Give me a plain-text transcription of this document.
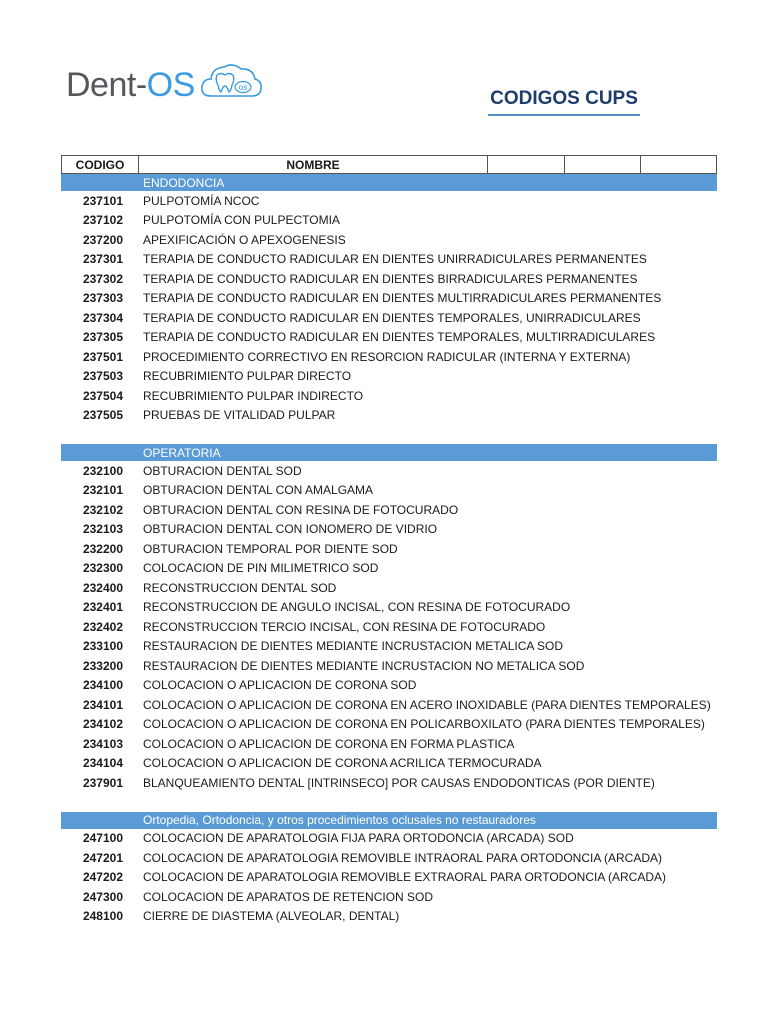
Dent-OS	os
CODIGOS CUPS
CODIGO	NOMBRE
ENDODONCIA
237101 PULPOTOMÍA NCOC
237102 PULPOTOMÍA CON PULPECTOMIA
237200 APEXIFICACIÓN O APEXOGENESIS
237301 TERAPIA DE CONDUCTO RADICULAR EN DIENTES UNIRRADICULARES PERMANENTES
237302 TERAPIA DE CONDUCTO RADICULAR EN DIENTES BIRRADICULARES PERMANENTES
237303 TERAPIA DE CONDUCTO RADICULAR EN DIENTES MULTIRRADICULARES PERMANENTES
237304 TERAPIA DE CONDUCTO RADICULAR EN DIENTES TEMPORALES, UNIRRADICULARES
237305 TERAPIA DE CONDUCTO RADICULAR EN DIENTES TEMPORALES, MULTIRRADICULARES
237501 PROCEDIMIENTO CORRECTIVO EN RESORCION RADICULAR (INTERNA Y EXTERNA)
237503 RECUBRIMIENTO PULPAR DIRECTO
237504 RECUBRIMIENTO PULPAR INDIRECTO
237505 PRUEBAS DE VITALIDAD PULPAR
OPERATORIA
232100 OBTURACION DENTAL SOD
232101 OBTURACION DENTAL CON AMALGAMA
232102 OBTURACION DENTAL CON RESINA DE FOTOCURADO
232103 OBTURACION DENTAL CON IONOMERO DE VIDRIO
232200 OBTURACION TEMPORAL POR DIENTE SOD
232300 COLOCACION DE PIN MILIMETRICO SOD
232400 RECONSTRUCCION DENTAL SOD
232401 RECONSTRUCCION DE ANGULO INCISAL, CON RESINA DE FOTOCURADO
232402 RECONSTRUCCION TERCIO INCISAL, CON RESINA DE FOTOCURADO
233100 RESTAURACION DE DIENTES MEDIANTE INCRUSTACION METALICA SOD
233200 RESTAURACION DE DIENTES MEDIANTE INCRUSTACION NO METALICA SOD
234100 COLOCACION O APLICACION DE CORONA SOD
234101 COLOCACION O APLICACION DE CORONA EN ACERO INOXIDABLE (PARA DIENTES TEMPORALES)
234102 COLOCACION O APLICACION DE CORONA EN POLICARBOXILATO (PARA DIENTES TEMPORALES)
234103 COLOCACION O APLICACION DE CORONA EN FORMA PLASTICA
234104 COLOCACION O APLICACION DE CORONA ACRILICA TERMOCURADA
237901 BLANQUEAMIENTO DENTAL [INTRINSECO] POR CAUSAS ENDODONTICAS (POR DIENTE)
Ortopedia, Ortodoncia, y otros procedimientos oclusales no restauradores
247100 COLOCACION DE APARATOLOGIA FIJA PARA ORTODONCIA (ARCADA) SOD
247201 COLOCACION DE APARATOLOGIA REMOVIBLE INTRAORAL PARA ORTODONCIA (ARCADA)
247202 COLOCACION DE APARATOLOGIA REMOVIBLE EXTRAORAL PARA ORTODONCIA (ARCADA)
247300 COLOCACION DE APARATOS DE RETENCION SOD
248100 CIERRE DE DIASTEMA (ALVEOLAR, DENTAL)
